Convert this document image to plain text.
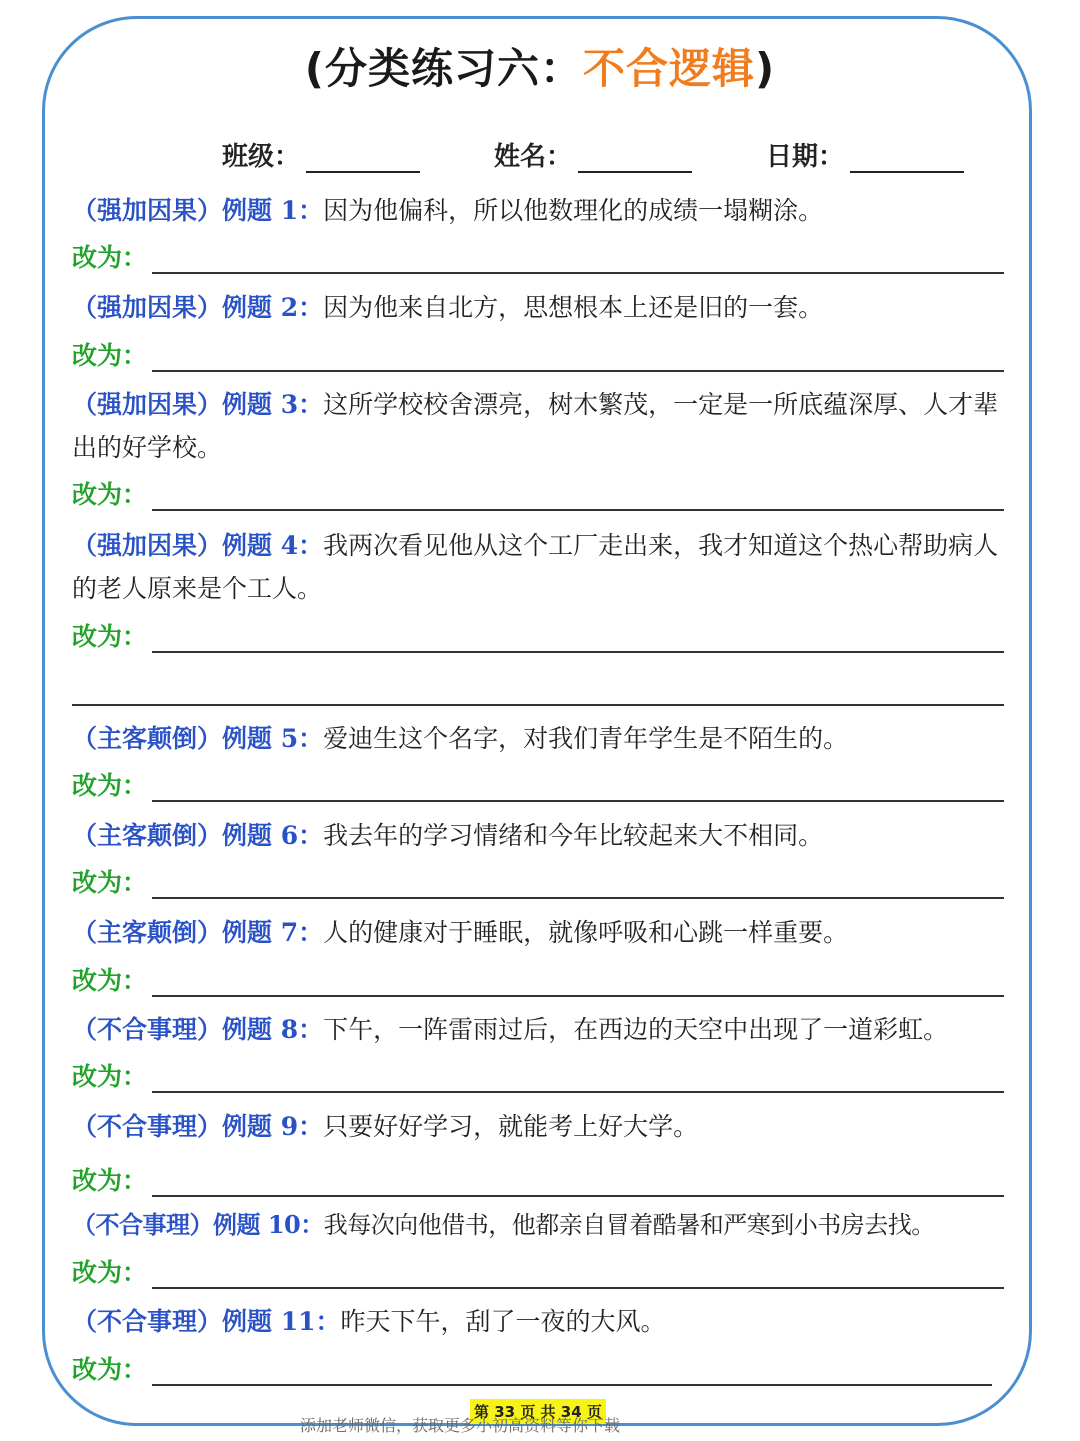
(分类练习六：不合逻辑)
班级：	姓名：	日期：
（强加因果）例题 1：因为他偏科，所以他数理化的成绩一塌糊涂。
改为：
（强加因果）例题 2：因为他来自北方，思想根本上还是旧的一套。
改为：
（强加因果）例题 3：这所学校校舍漂亮，树木繁茂，一定是一所底蕴深厚、人才辈出的好学校。
改为：
（强加因果）例题 4：我两次看见他从这个工厂走出来，我才知道这个热心帮助病人的老人原来是个工人。
改为：
（主客颠倒）例题 5：爱迪生这个名字，对我们青年学生是不陌生的。
改为：
（主客颠倒）例题 6：我去年的学习情绪和今年比较起来大不相同。
改为：
（主客颠倒）例题 7：人的健康对于睡眠，就像呼吸和心跳一样重要。
改为：
（不合事理）例题 8：下午，一阵雷雨过后，在西边的天空中出现了一道彩虹。
改为：
（不合事理）例题 9：只要好好学习，就能考上好大学。
改为：
（不合事理）例题 10：我每次向他借书，他都亲自冒着酷暑和严寒到小书房去找。
改为：
（不合事理）例题 11：昨天下午，刮了一夜的大风。
改为：
第 33 页 共 34 页
添加老师微信，获取更多小初高资料等你下载
